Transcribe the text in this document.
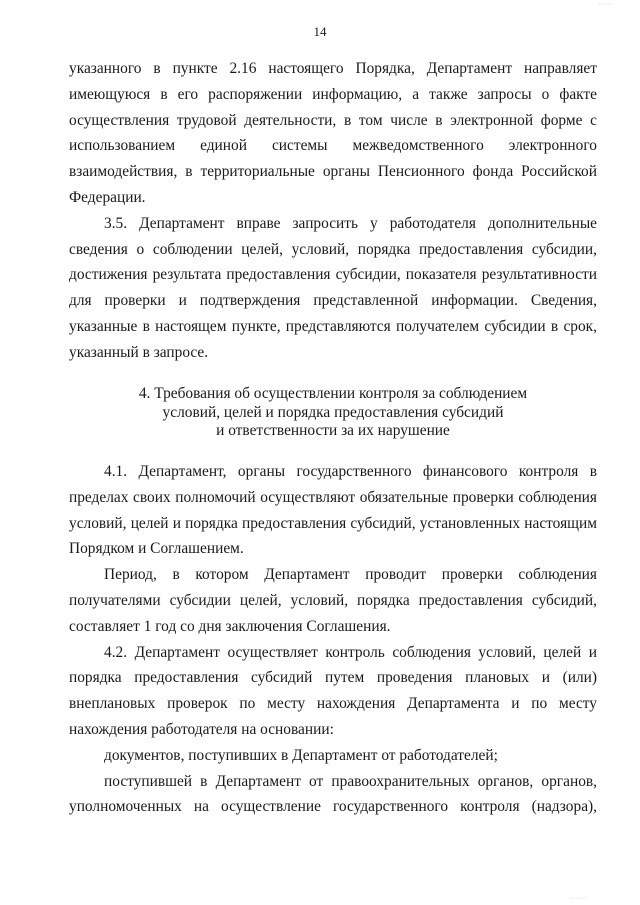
14
·····

указанного в пункте 2.16 настоящего Порядка, Департамент направляет имеющуюся в его распоряжении информацию, а также запросы о факте осуществления трудовой деятельности, в том числе в электронной форме с использованием единой системы межведомственного электронного взаимодействия, в территориальные органы Пенсионного фонда Российской Федерации.

3.5. Департамент вправе запросить у работодателя дополнительные сведения о соблюдении целей, условий, порядка предоставления субсидии, достижения результата предоставления субсидии, показателя результативности для проверки и подтверждения представленной информации. Сведения, указанные в настоящем пункте, представляются получателем субсидии в срок, указанный в запросе.

4. Требования об осуществлении контроля за соблюдением
условий, целей и порядка предоставления субсидий
и ответственности за их нарушение

4.1. Департамент, органы государственного финансового контроля в пределах своих полномочий осуществляют обязательные проверки соблюдения условий, целей и порядка предоставления субсидий, установленных настоящим Порядком и Соглашением.

Период, в котором Департамент проводит проверки соблюдения получателями субсидии целей, условий, порядка предоставления субсидий, составляет 1 год со дня заключения Соглашения.

4.2. Департамент осуществляет контроль соблюдения условий, целей и порядка предоставления субсидий путем проведения плановых и (или) внеплановых проверок по месту нахождения Департамента и по месту нахождения работодателя на основании:

документов, поступивших в Департамент от работодателей;

поступившей в Департамент от правоохранительных органов, органов, уполномоченных на осуществление государственного контроля (надзора),

······
